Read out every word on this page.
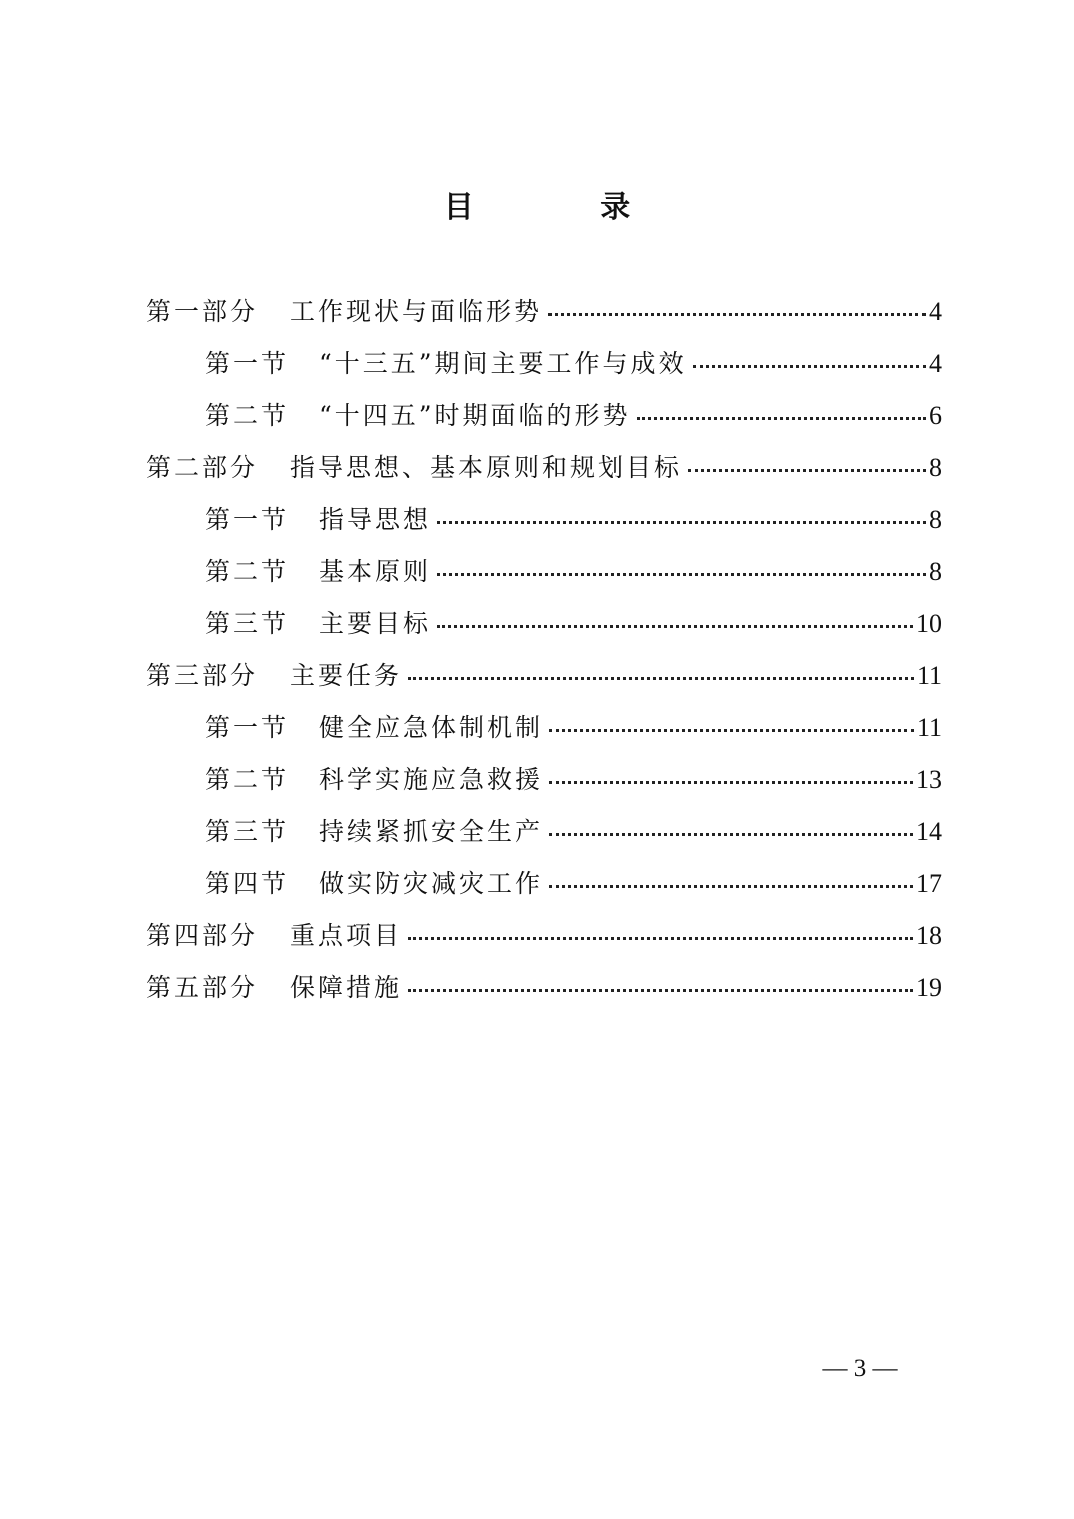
目 录
第一部分	工作现状与面临形势	4
第一节	“十三五”期间主要工作与成效	4
第二节	“十四五”时期面临的形势	6
第二部分	指导思想、基本原则和规划目标	8
第一节	指导思想	8
第二节	基本原则	8
第三节	主要目标	10
第三部分	主要任务	11
第一节	健全应急体制机制	11
第二节	科学实施应急救援	13
第三节	持续紧抓安全生产	14
第四节	做实防灾减灾工作	17
第四部分	重点项目	18
第五部分	保障措施	19
— 3 —
